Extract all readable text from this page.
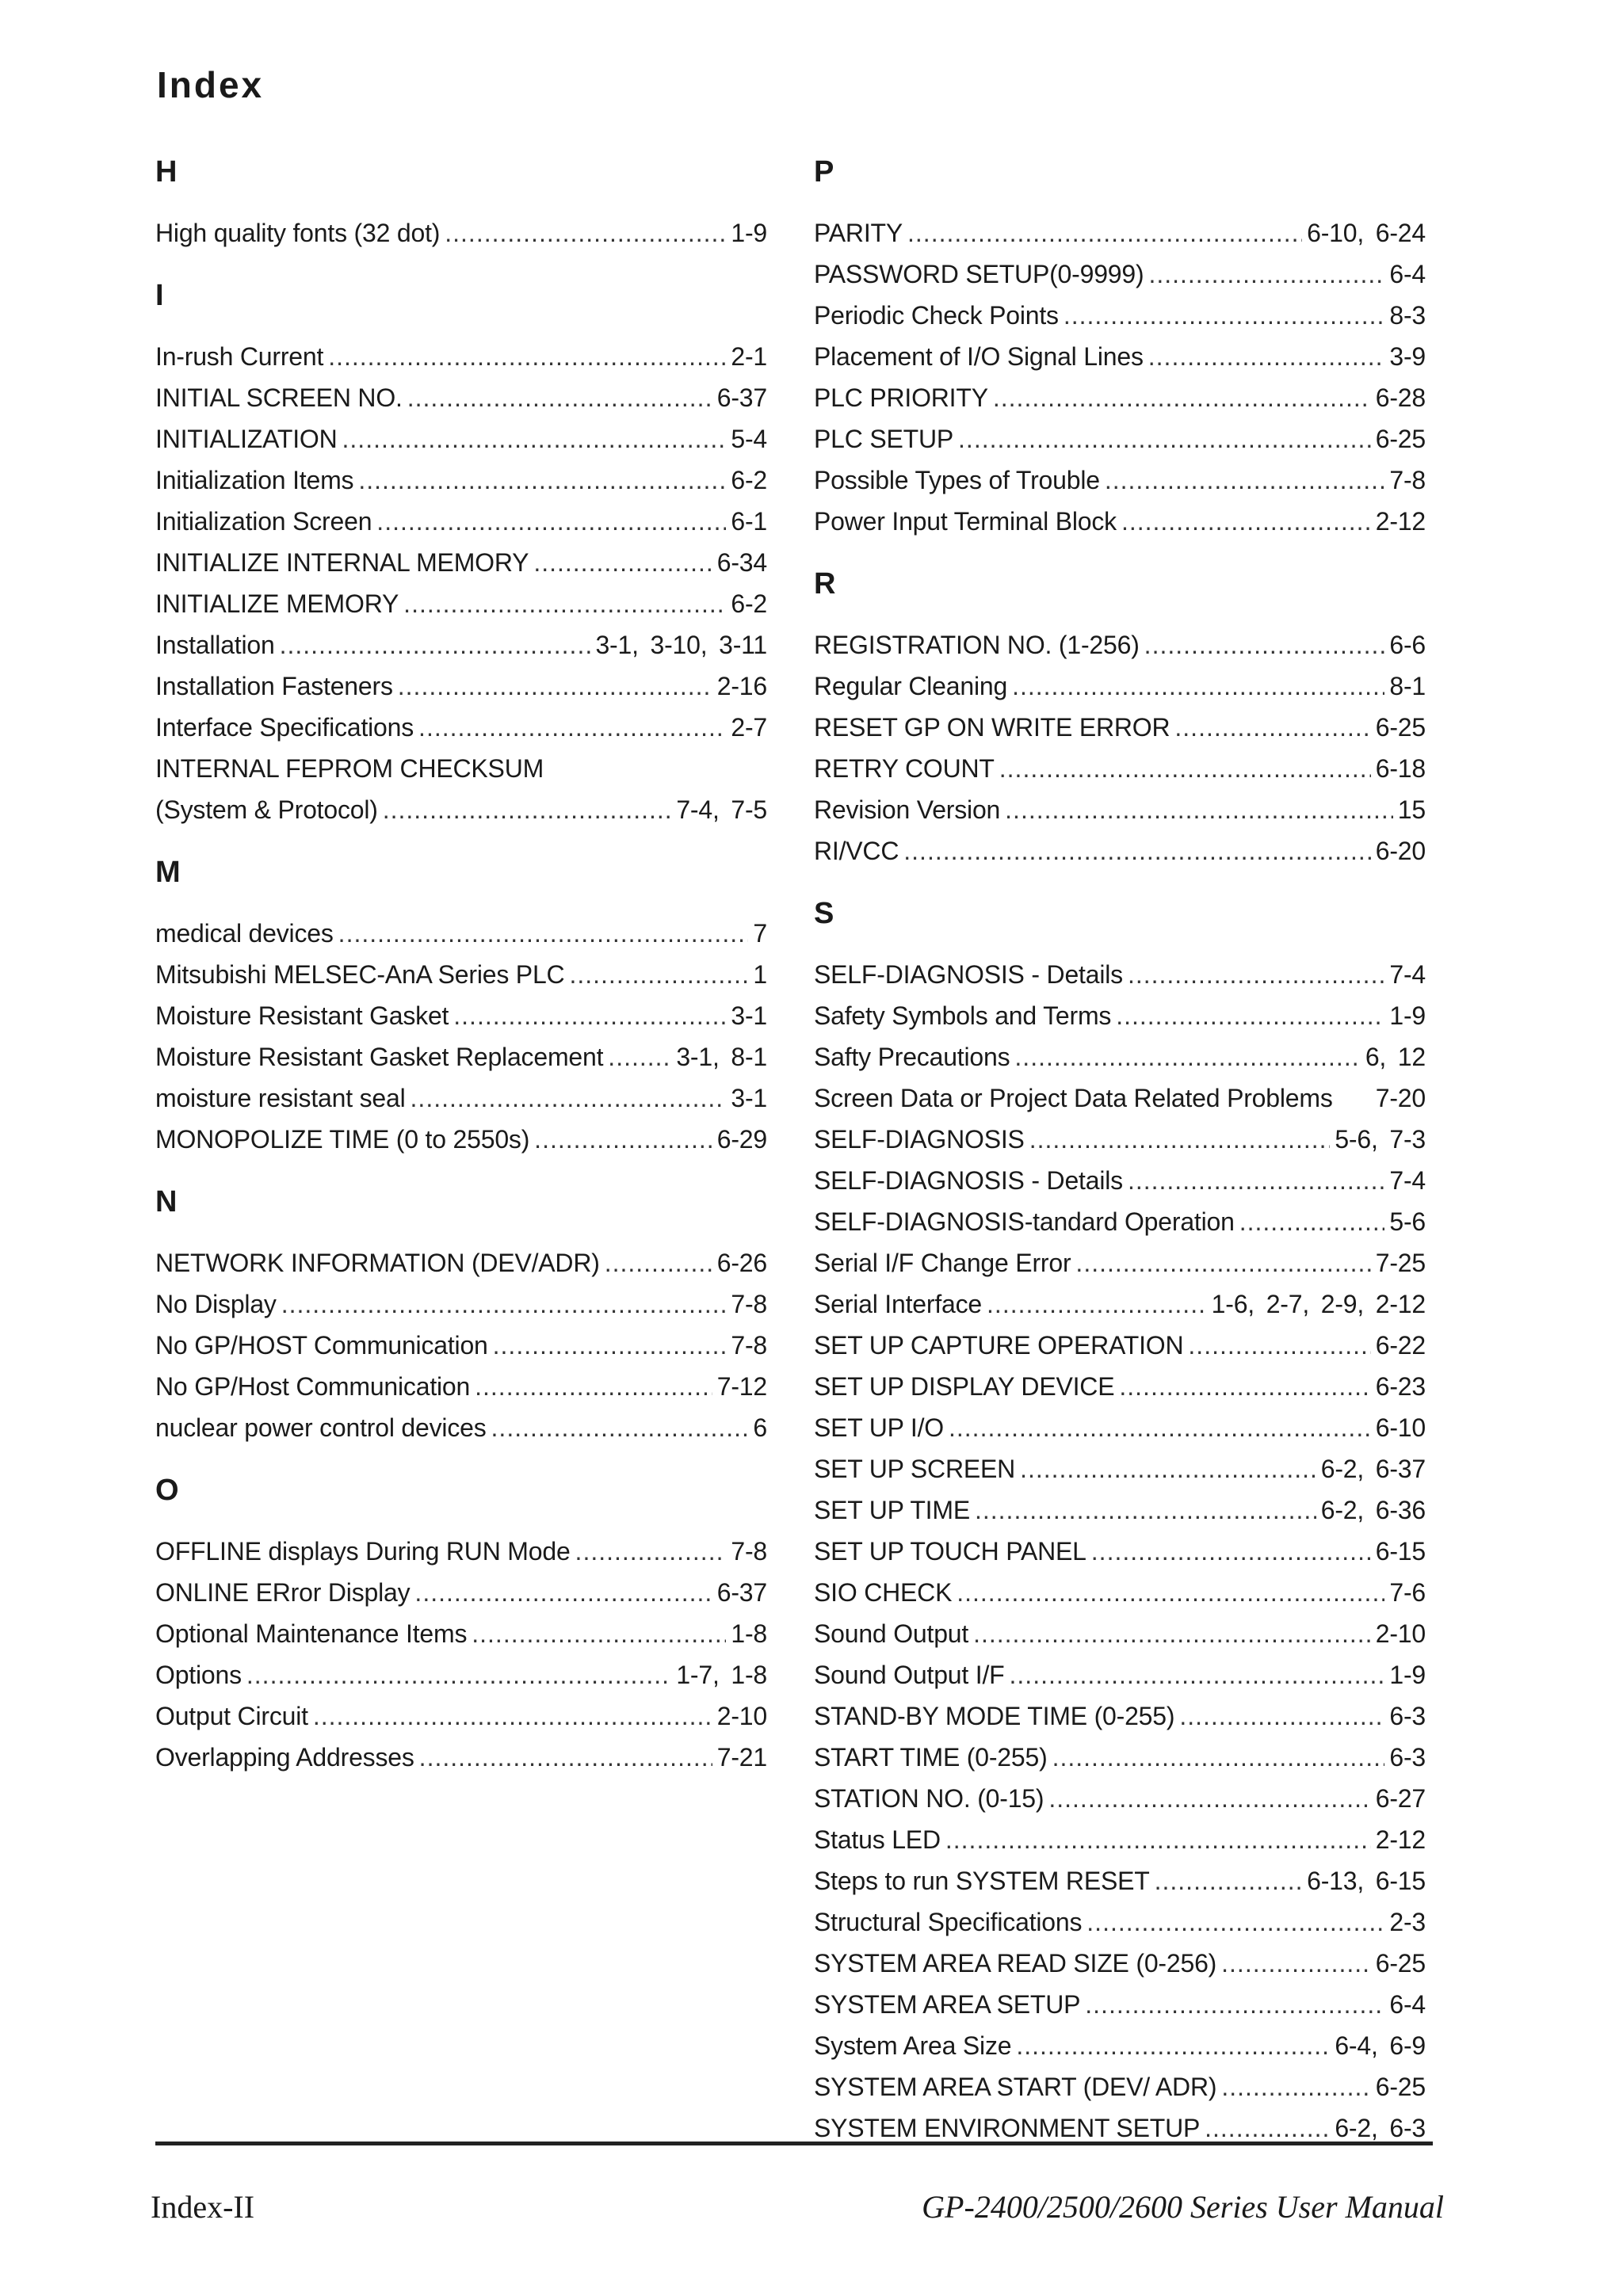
Index
H
High quality fonts (32 dot) .....	1-9
I
In-rush Current .....	2-1
INITIAL SCREEN NO. .....	6-37
INITIALIZATION .....	5-4
Initialization Items .....	6-2
Initialization Screen .....	6-1
INITIALIZE INTERNAL MEMORY .....	6-34
INITIALIZE MEMORY .....	6-2
Installation .....	3-1, 3-10, 3-11
Installation Fasteners .....	2-16
Interface Specifications .....	2-7
INTERNAL FEPROM CHECKSUM
(System & Protocol) .....	7-4, 7-5
M
medical devices .....	7
Mitsubishi MELSEC-AnA Series PLC .....	1
Moisture Resistant Gasket .....	3-1
Moisture Resistant Gasket Replacement .....	3-1, 8-1
moisture resistant seal .....	3-1
MONOPOLIZE TIME (0 to 2550s) .....	6-29
N
NETWORK INFORMATION (DEV/ADR) .....	6-26
No Display .....	7-8
No GP/HOST Communication .....	7-8
No GP/Host Communication .....	7-12
nuclear power control devices .....	6
O
OFFLINE displays During RUN Mode .....	7-8
ONLINE ERror Display .....	6-37
Optional Maintenance Items .....	1-8
Options .....	1-7, 1-8
Output Circuit .....	2-10
Overlapping Addresses .....	7-21
P
PARITY .....	6-10, 6-24
PASSWORD SETUP(0-9999) .....	6-4
Periodic Check Points .....	8-3
Placement of I/O Signal Lines .....	3-9
PLC PRIORITY .....	6-28
PLC SETUP .....	6-25
Possible Types of Trouble .....	7-8
Power Input Terminal Block .....	2-12
R
REGISTRATION NO. (1-256) .....	6-6
Regular Cleaning .....	8-1
RESET GP ON WRITE ERROR .....	6-25
RETRY COUNT .....	6-18
Revision Version .....	15
RI/VCC .....	6-20
S
SELF-DIAGNOSIS - Details .....	7-4
Safety Symbols and Terms .....	1-9
Safty Precautions .....	6, 12
Screen Data or Project Data Related Problems 7-20
SELF-DIAGNOSIS .....	5-6, 7-3
SELF-DIAGNOSIS - Details .....	7-4
SELF-DIAGNOSIS-tandard Operation .....	5-6
Serial I/F Change Error .....	7-25
Serial Interface .....	1-6, 2-7, 2-9, 2-12
SET UP CAPTURE OPERATION .....	6-22
SET UP DISPLAY DEVICE .....	6-23
SET UP I/O .....	6-10
SET UP SCREEN .....	6-2, 6-37
SET UP TIME .....	6-2, 6-36
SET UP TOUCH PANEL .....	6-15
SIO CHECK .....	7-6
Sound Output .....	2-10
Sound Output I/F .....	1-9
STAND-BY MODE TIME (0-255) .....	6-3
START TIME (0-255) .....	6-3
STATION NO. (0-15) .....	6-27
Status LED .....	2-12
Steps to run SYSTEM RESET .....	6-13, 6-15
Structural Specifications .....	2-3
SYSTEM AREA READ SIZE (0-256) .....	6-25
SYSTEM AREA SETUP .....	6-4
System Area Size .....	6-4, 6-9
SYSTEM AREA START (DEV/ ADR) .....	6-25
SYSTEM ENVIRONMENT SETUP .....	6-2, 6-3
Index-II	GP-2400/2500/2600 Series User Manual
